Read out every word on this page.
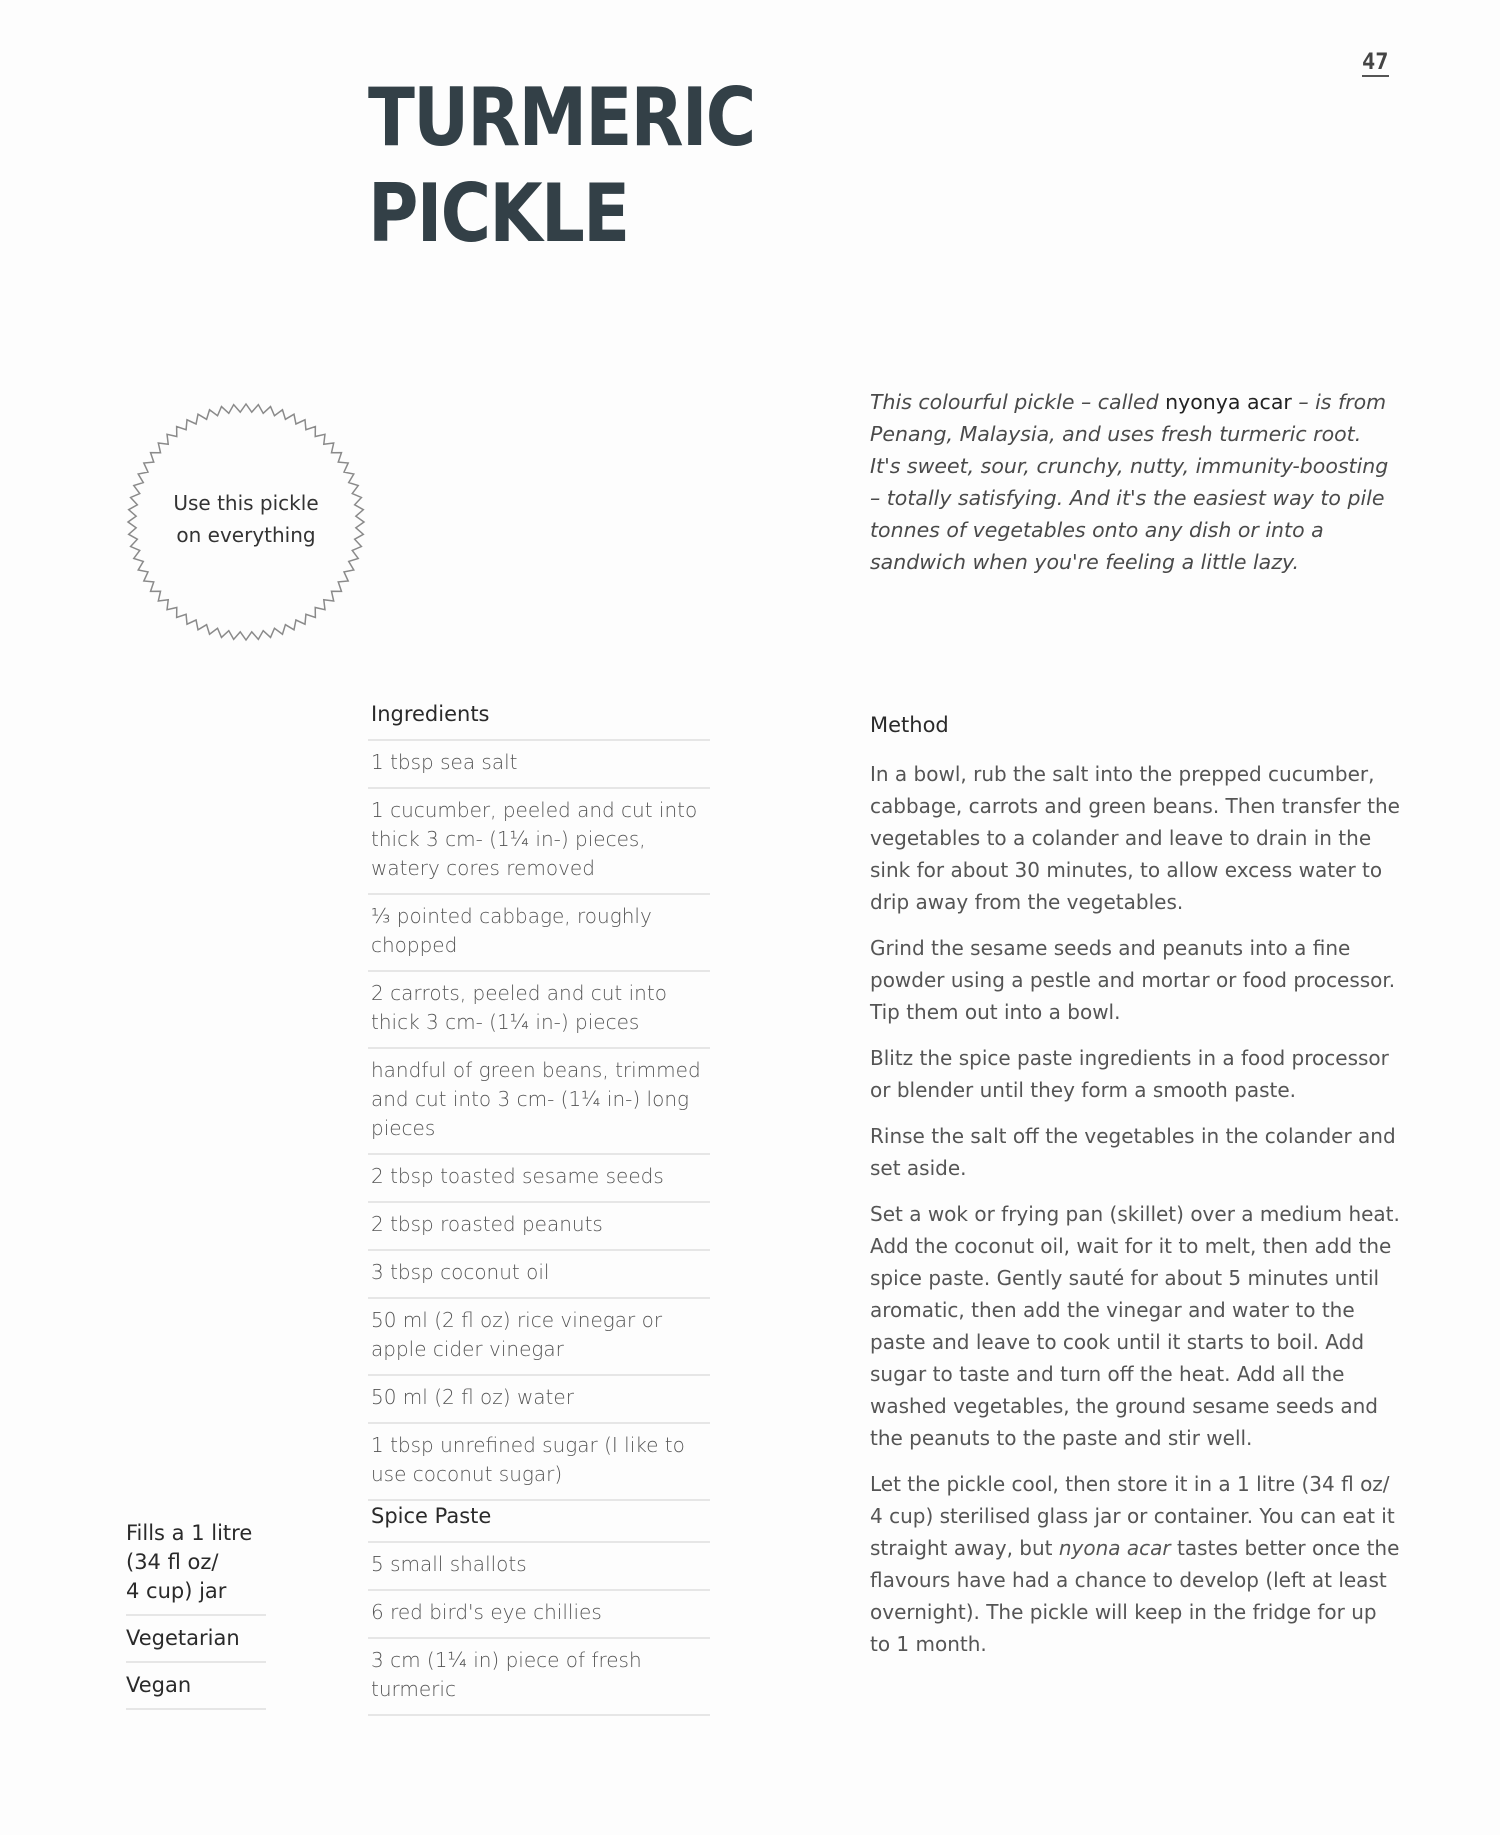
47
TURMERIC
PICKLE
Use this pickle
on everything
This colourful pickle – called nyonya acar – is from Penang, Malaysia, and uses fresh turmeric root. It's sweet, sour, crunchy, nutty, immunity-boosting – totally satisfying. And it's the easiest way to pile tonnes of vegetables onto any dish or into a sandwich when you're feeling a little lazy.
Ingredients
1 tbsp sea salt
1 cucumber, peeled and cut into thick 3 cm- (1¼ in-) pieces, watery cores removed
⅓ pointed cabbage, roughly chopped
2 carrots, peeled and cut into thick 3 cm- (1¼ in-) pieces
handful of green beans, trimmed and cut into 3 cm- (1¼ in-) long pieces
2 tbsp toasted sesame seeds
2 tbsp roasted peanuts
3 tbsp coconut oil
50 ml (2 fl oz) rice vinegar or apple cider vinegar
50 ml (2 fl oz) water
1 tbsp unrefined sugar (I like to use coconut sugar)
Spice Paste
5 small shallots
6 red bird's eye chillies
3 cm (1¼ in) piece of fresh turmeric
Method

In a bowl, rub the salt into the prepped cucumber, cabbage, carrots and green beans. Then transfer the vegetables to a colander and leave to drain in the sink for about 30 minutes, to allow excess water to drip away from the vegetables.

Grind the sesame seeds and peanuts into a fine powder using a pestle and mortar or food processor. Tip them out into a bowl.

Blitz the spice paste ingredients in a food processor or blender until they form a smooth paste.

Rinse the salt off the vegetables in the colander and set aside.

Set a wok or frying pan (skillet) over a medium heat. Add the coconut oil, wait for it to melt, then add the spice paste. Gently sauté for about 5 minutes until aromatic, then add the vinegar and water to the paste and leave to cook until it starts to boil. Add sugar to taste and turn off the heat. Add all the washed vegetables, the ground sesame seeds and the peanuts to the paste and stir well.

Let the pickle cool, then store it in a 1 litre (34 fl oz/ 4 cup) sterilised glass jar or container. You can eat it straight away, but nyona acar tastes better once the flavours have had a chance to develop (left at least overnight). The pickle will keep in the fridge for up to 1 month.

Fills a 1 litre
(34 fl oz/
4 cup) jar
Vegetarian
Vegan
